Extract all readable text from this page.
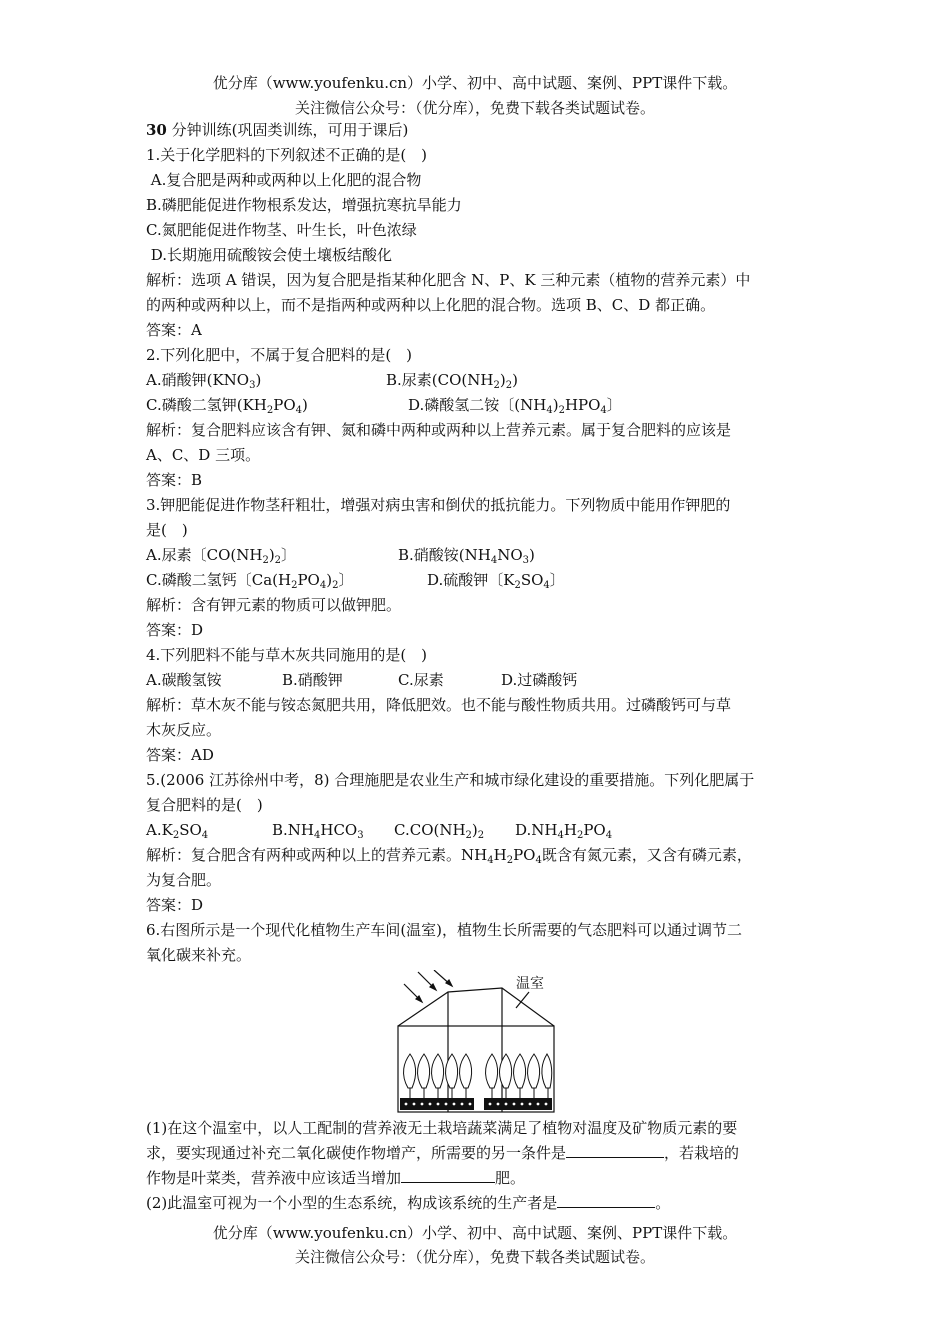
优分库（www.youfenku.cn）小学、初中、高中试题、案例、PPT课件下载。
关注微信公众号：（优分库），免费下载各类试题试卷。

30 分钟训练(巩固类训练，可用于课后)

1.关于化学肥料的下列叙述不正确的是(　)

A.复合肥是两种或两种以上化肥的混合物

B.磷肥能促进作物根系发达，增强抗寒抗旱能力

C.氮肥能促进作物茎、叶生长，叶色浓绿

D.长期施用硫酸铵会使土壤板结酸化

解析：选项 A 错误，因为复合肥是指某种化肥含 N、P、K 三种元素（植物的营养元素）中

的两种或两种以上，而不是指两种或两种以上化肥的混合物。选项 B、C、D 都正确。

答案：A

2.下列化肥中，不属于复合肥料的是(　)

A.硝酸钾$(KNO_3)$	B.尿素$(CO(NH_2)_2)$
C.磷酸二氢钾$(KH_2PO_4)$	D.磷酸氢二铵〔$(NH_4)_2HPO_4$〕

解析：复合肥料应该含有钾、氮和磷中两种或两种以上营养元素。属于复合肥料的应该是

A、C、D 三项。

答案：B

3.钾肥能促进作物茎秆粗壮，增强对病虫害和倒伏的抵抗能力。下列物质中能用作钾肥的

是(　)

A.尿素〔$CO(NH_2)_2$〕	B.硝酸铵$(NH_4NO_3)$
C.磷酸二氢钙〔$Ca(H_2PO_4)_2$〕	D.硫酸钾〔$K_2SO_4$〕

解析：含有钾元素的物质可以做钾肥。

答案：D

4.下列肥料不能与草木灰共同施用的是(　)

A.碳酸氢铵	B.硝酸钾	C.尿素	D.过磷酸钙

解析：草木灰不能与铵态氮肥共用，降低肥效。也不能与酸性物质共用。过磷酸钙可与草

木灰反应。

答案：AD

5.(2006 江苏徐州中考，8) 合理施肥是农业生产和城市绿化建设的重要措施。下列化肥属于

复合肥料的是(　)

$A.K_2SO_4$	$B.NH_4HCO_3$	$C.CO(NH_2)_2$	$D.NH_4H_2PO_4$

解析：复合肥含有两种或两种以上的营养元素。$NH_4H_2PO_4$既含有氮元素，又含有磷元素，

为复合肥。

答案：D

6.右图所示是一个现代化植物生产车间(温室)，植物生长所需要的气态肥料可以通过调节二

氧化碳来补充。

温室

(1)在这个温室中，以人工配制的营养液无土栽培蔬菜满足了植物对温度及矿物质元素的要

求，要实现通过补充二氧化碳使作物增产，所需要的另一条件是	，若栽培的

作物是叶菜类，营养液中应该适当增加	肥。

(2)此温室可视为一个小型的生态系统，构成该系统的生产者是	。

优分库（www.youfenku.cn）小学、初中、高中试题、案例、PPT课件下载。
关注微信公众号：（优分库），免费下载各类试题试卷。
